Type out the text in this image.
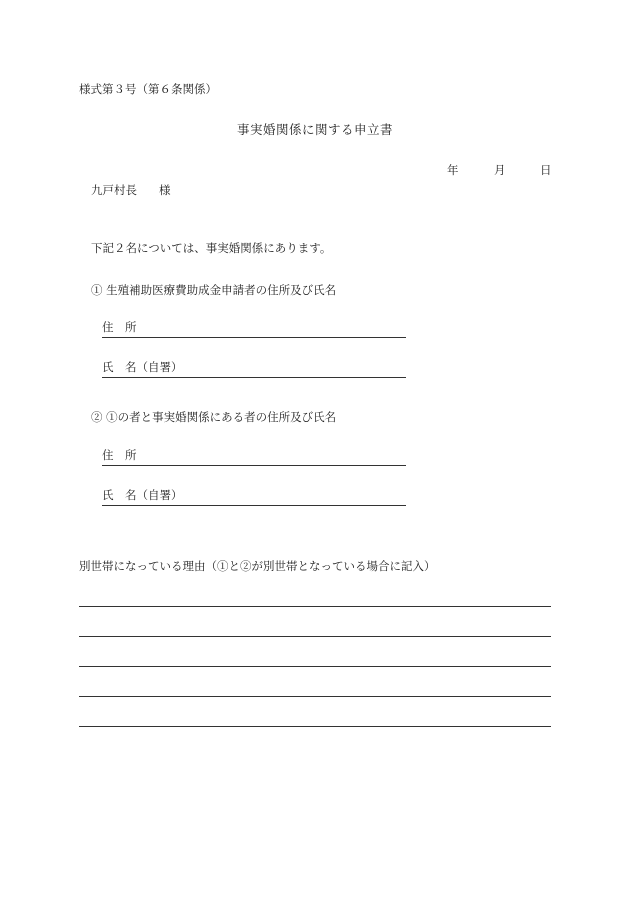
様式第３号（第６条関係）
事実婚関係に関する申立書
年	月	日
九戸村長 様
下記２名については、事実婚関係にあります。
① 生殖補助医療費助成金申請者の住所及び氏名
住　所
氏　名（自署）
② ①の者と事実婚関係にある者の住所及び氏名
住　所
氏　名（自署）
別世帯になっている理由（①と②が別世帯となっている場合に記入）
